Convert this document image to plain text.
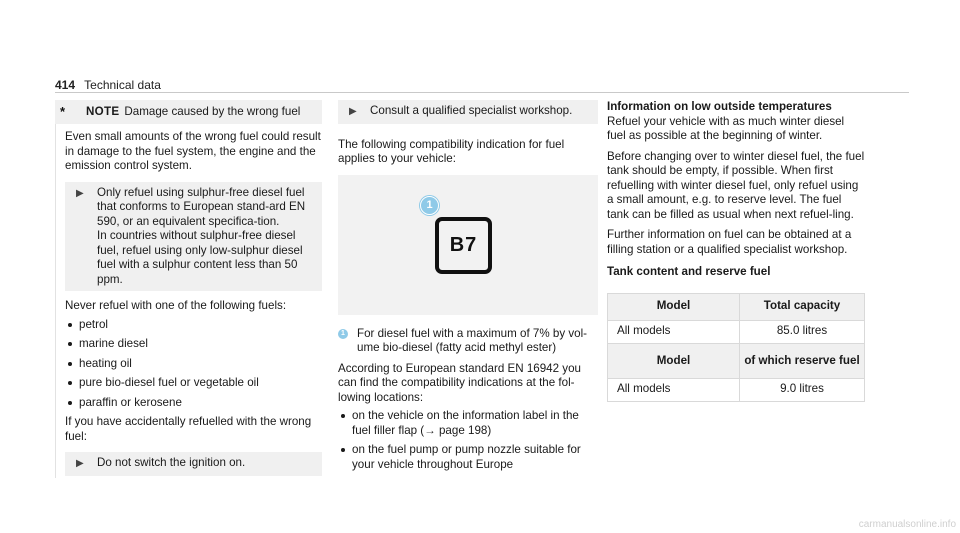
414 Technical data
*	NOTE Damage caused by the wrong fuel

Even small amounts of the wrong fuel could result in damage to the fuel system, the engine and the emission control system.

▶	Only refuel using sulphur-free diesel fuel that conforms to European stand-ard EN 590, or an equivalent specifica-tion.

In countries without sulphur-free diesel fuel, refuel using only low-sulphur diesel fuel with a sulphur content less than 50 ppm.

Never refuel with one of the following fuels:

petrol
marine diesel
heating oil
pure bio-diesel fuel or vegetable oil
paraffin or kerosene

If you have accidentally refuelled with the wrong fuel:

▶	Do not switch the ignition on.
▶	Consult a qualified specialist workshop.

The following compatibility indication for fuel applies to your vehicle:

1
B7
1 For diesel fuel with a maximum of 7% by vol-ume bio-diesel (fatty acid methyl ester)

According to European standard EN 16942 you can find the compatibility indications at the fol-lowing locations:

on the vehicle on the information label in the fuel filler flap (→ page 198)
on the fuel pump or pump nozzle suitable for your vehicle throughout Europe

Information on low outside temperatures

Refuel your vehicle with as much winter diesel fuel as possible at the beginning of winter.

Before changing over to winter diesel fuel, the fuel tank should be empty, if possible. When first refuelling with winter diesel fuel, only refuel using a small amount, e.g. to reserve level. The fuel tank can be filled as usual when next refuel-ling.

Further information on fuel can be obtained at a filling station or a qualified specialist workshop.

Tank content and reserve fuel

Model	Total capacity
All models	85.0 litres
Model	of which reserve fuel
All models	9.0 litres
carmanualsonline.info
